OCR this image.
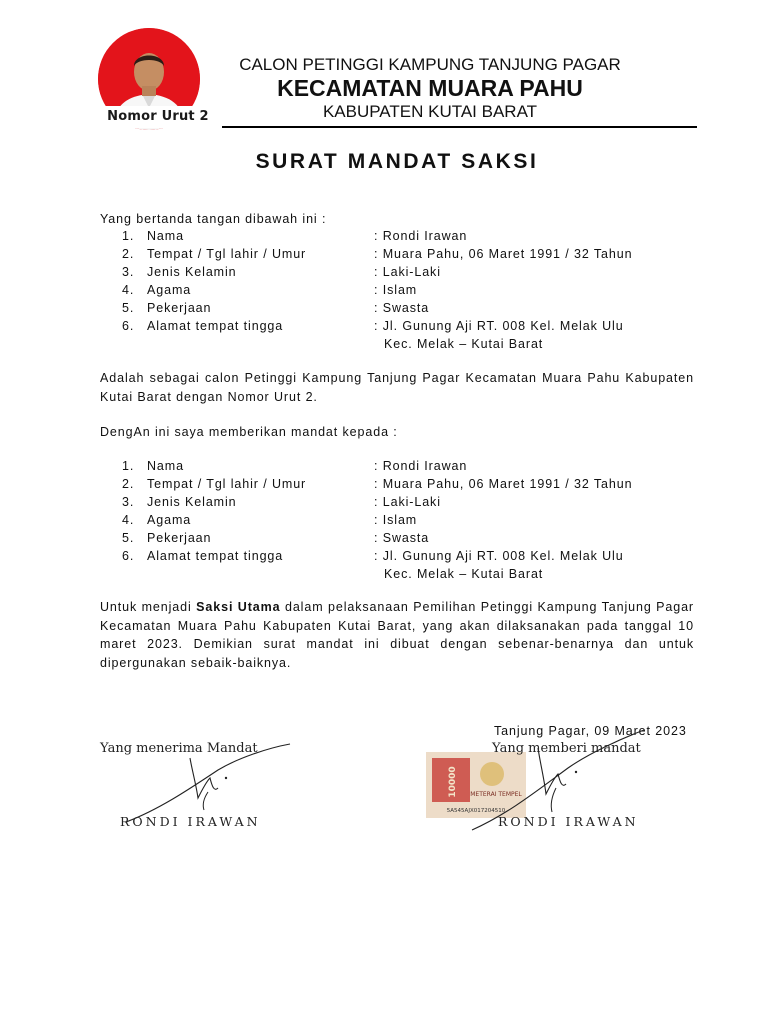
Nomor Urut 2
CALON PETINGGI KAMPUNG TANJUNG PAGAR
KECAMATAN MUARA PAHU
KABUPATEN KUTAI BARAT
SURAT MANDAT SAKSI
Yang bertanda tangan dibawah ini :
1. Nama	: Rondi Irawan
2. Tempat / Tgl lahir / Umur	: Muara Pahu, 06 Maret 1991 / 32 Tahun
3. Jenis Kelamin	: Laki-Laki
4. Agama	: Islam
5. Pekerjaan	: Swasta
6. Alamat tempat tingga	: Jl. Gunung Aji RT. 008 Kel. Melak Ulu
Kec. Melak – Kutai Barat
Adalah sebagai calon Petinggi Kampung Tanjung Pagar Kecamatan Muara Pahu Kabupaten Kutai Barat dengan Nomor Urut 2.
DengAn ini saya memberikan mandat kepada :
1. Nama	: Rondi Irawan
2. Tempat / Tgl lahir / Umur	: Muara Pahu, 06 Maret 1991 / 32 Tahun
3. Jenis Kelamin	: Laki-Laki
4. Agama	: Islam
5. Pekerjaan	: Swasta
6. Alamat tempat tingga	: Jl. Gunung Aji RT. 008 Kel. Melak Ulu
Kec. Melak – Kutai Barat
Untuk menjadi Saksi Utama dalam pelaksanaan Pemilihan Petinggi Kampung Tanjung Pagar Kecamatan Muara Pahu Kabupaten Kutai Barat, yang akan dilaksanakan pada tanggal 10 maret 2023. Demikian surat mandat ini dibuat dengan sebenar-benarnya dan untuk dipergunakan sebaik-baiknya.
Tanjung Pagar, 09 Maret 2023
Yang menerima Mandat
RONDI IRAWAN
10000 METERAI TEMPEL
5A545AJX017204510
Yang memberi mandat
RONDI IRAWAN
